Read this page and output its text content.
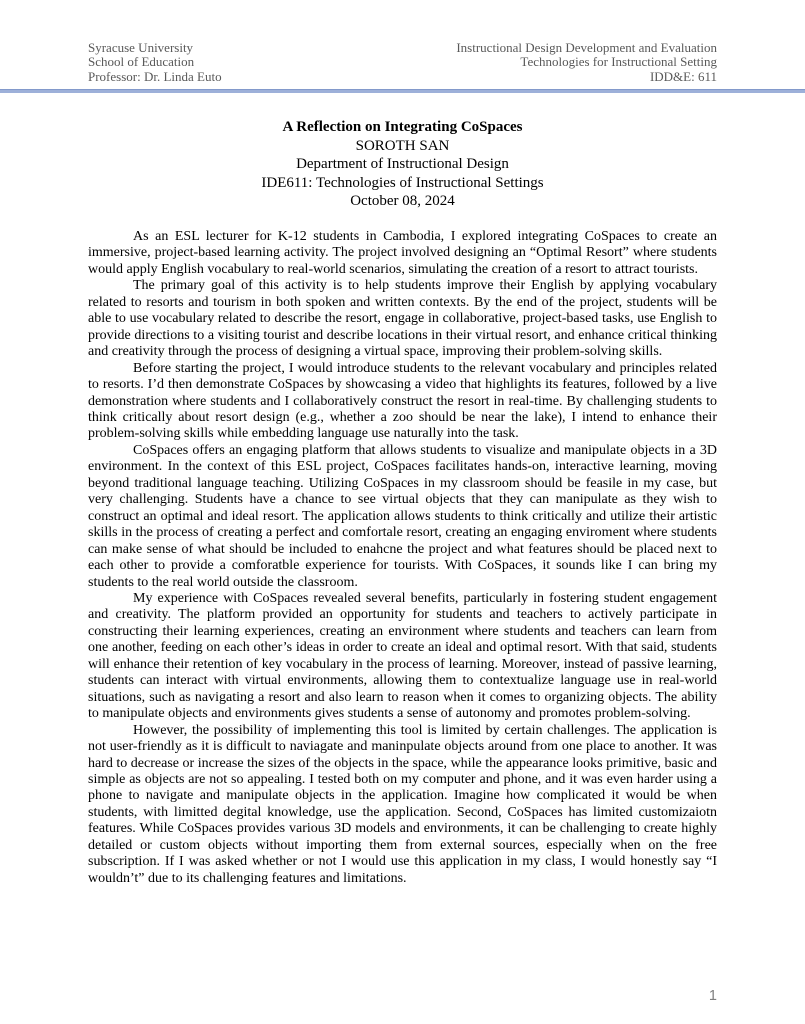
Syracuse University
School of Education
Professor: Dr. Linda Euto
Instructional Design Development and Evaluation
Technologies for Instructional Setting
IDD&E: 611
A Reflection on Integrating CoSpaces
SOROTH SAN
Department of Instructional Design
IDE611: Technologies of Instructional Settings
October 08, 2024

As an ESL lecturer for K-12 students in Cambodia, I explored integrating CoSpaces to create an immersive, project-based learning activity. The project involved designing an “Optimal Resort” where students would apply English vocabulary to real-world scenarios, simulating the creation of a resort to attract tourists.

The primary goal of this activity is to help students improve their English by applying vocabulary related to resorts and tourism in both spoken and written contexts. By the end of the project, students will be able to use vocabulary related to describe the resort, engage in collaborative, project-based tasks, use English to provide directions to a visiting tourist and describe locations in their virtual resort, and enhance critical thinking and creativity through the process of designing a virtual space, improving their problem-solving skills.

Before starting the project, I would introduce students to the relevant vocabulary and principles related to resorts. I’d then demonstrate CoSpaces by showcasing a video that highlights its features, followed by a live demonstration where students and I collaboratively construct the resort in real-time. By challenging students to think critically about resort design (e.g., whether a zoo should be near the lake), I intend to enhance their problem-solving skills while embedding language use naturally into the task.

CoSpaces offers an engaging platform that allows students to visualize and manipulate objects in a 3D environment. In the context of this ESL project, CoSpaces facilitates hands-on, interactive learning, moving beyond traditional language teaching. Utilizing CoSpaces in my classroom should be feasile in my case, but very challenging. Students have a chance to see virtual objects that they can manipulate as they wish to construct an optimal and ideal resort. The application allows students to think critically and utilize their artistic skills in the process of creating a perfect and comfortale resort, creating an engaging enviroment where students can make sense of what should be included to enahcne the project and what features should be placed next to each other to provide a comforatble experience for tourists. With CoSpaces, it sounds like I can bring my students to the real world outside the classroom.

My experience with CoSpaces revealed several benefits, particularly in fostering student engagement and creativity. The platform provided an opportunity for students and teachers to actively participate in constructing their learning experiences, creating an environment where students and teachers can learn from one another, feeding on each other’s ideas in order to create an ideal and optimal resort. With that said, students will enhance their retention of key vocabulary in the process of learning. Moreover, instead of passive learning, students can interact with virtual environments, allowing them to contextualize language use in real-world situations, such as navigating a resort and also learn to reason when it comes to organizing objects. The ability to manipulate objects and environments gives students a sense of autonomy and promotes problem-solving.

However, the possibility of implementing this tool is limited by certain challenges. The application is not user-friendly as it is difficult to naviagate and maninpulate objects around from one place to another. It was hard to decrease or increase the sizes of the objects in the space, while the appearance looks primitive, basic and simple as objects are not so appealing. I tested both on my computer and phone, and it was even harder using a phone to navigate and manipulate objects in the application. Imagine how complicated it would be when students, with limitted degital knowledge, use the application. Second, CoSpaces has limited customizaiotn features. While CoSpaces provides various 3D models and environments, it can be challenging to create highly detailed or custom objects without importing them from external sources, especially when on the free subscription. If I was asked whether or not I would use this application in my class, I would honestly say “I wouldn’t” due to its challenging features and limitations.

1
